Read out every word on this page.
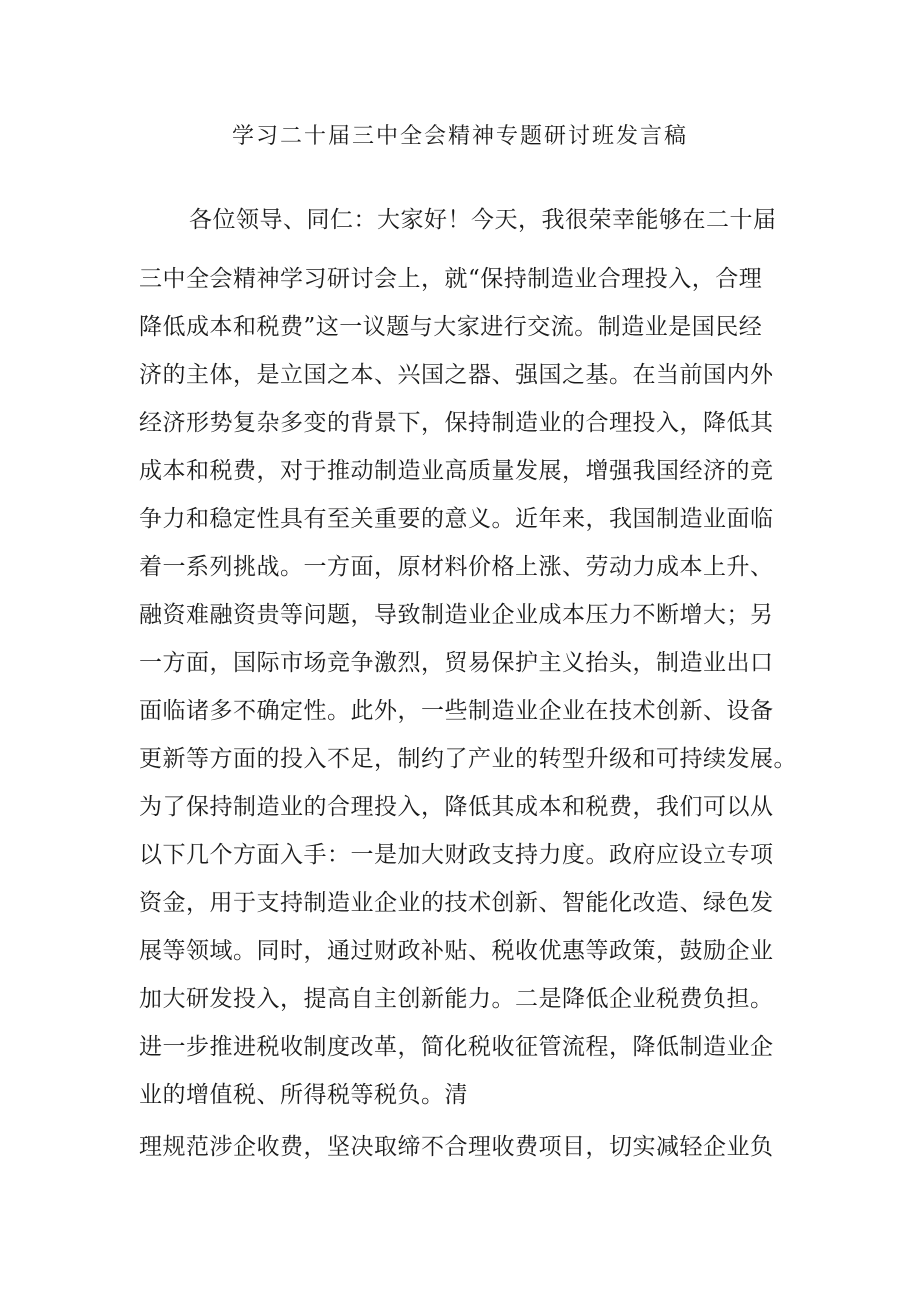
学习二十届三中全会精神专题研讨班发言稿
各位领导、同仁：大家好！今天，我很荣幸能够在二十届
三中全会精神学习研讨会上，就“保持制造业合理投入，合理
降低成本和税费”这一议题与大家进行交流。制造业是国民经
济的主体，是立国之本、兴国之器、强国之基。在当前国内外
经济形势复杂多变的背景下，保持制造业的合理投入，降低其
成本和税费，对于推动制造业高质量发展，增强我国经济的竞
争力和稳定性具有至关重要的意义。近年来，我国制造业面临
着一系列挑战。一方面，原材料价格上涨、劳动力成本上升、
融资难融资贵等问题，导致制造业企业成本压力不断增大；另
一方面，国际市场竞争激烈，贸易保护主义抬头，制造业出口
面临诸多不确定性。此外，一些制造业企业在技术创新、设备
更新等方面的投入不足，制约了产业的转型升级和可持续发展。
为了保持制造业的合理投入，降低其成本和税费，我们可以从
以下几个方面入手：一是加大财政支持力度。政府应设立专项
资金，用于支持制造业企业的技术创新、智能化改造、绿色发
展等领域。同时，通过财政补贴、税收优惠等政策，鼓励企业
加大研发投入，提高自主创新能力。二是降低企业税费负担。
进一步推进税收制度改革，简化税收征管流程，降低制造业企
业的增值税、所得税等税负。清
理规范涉企收费，坚决取缔不合理收费项目，切实减轻企业负
